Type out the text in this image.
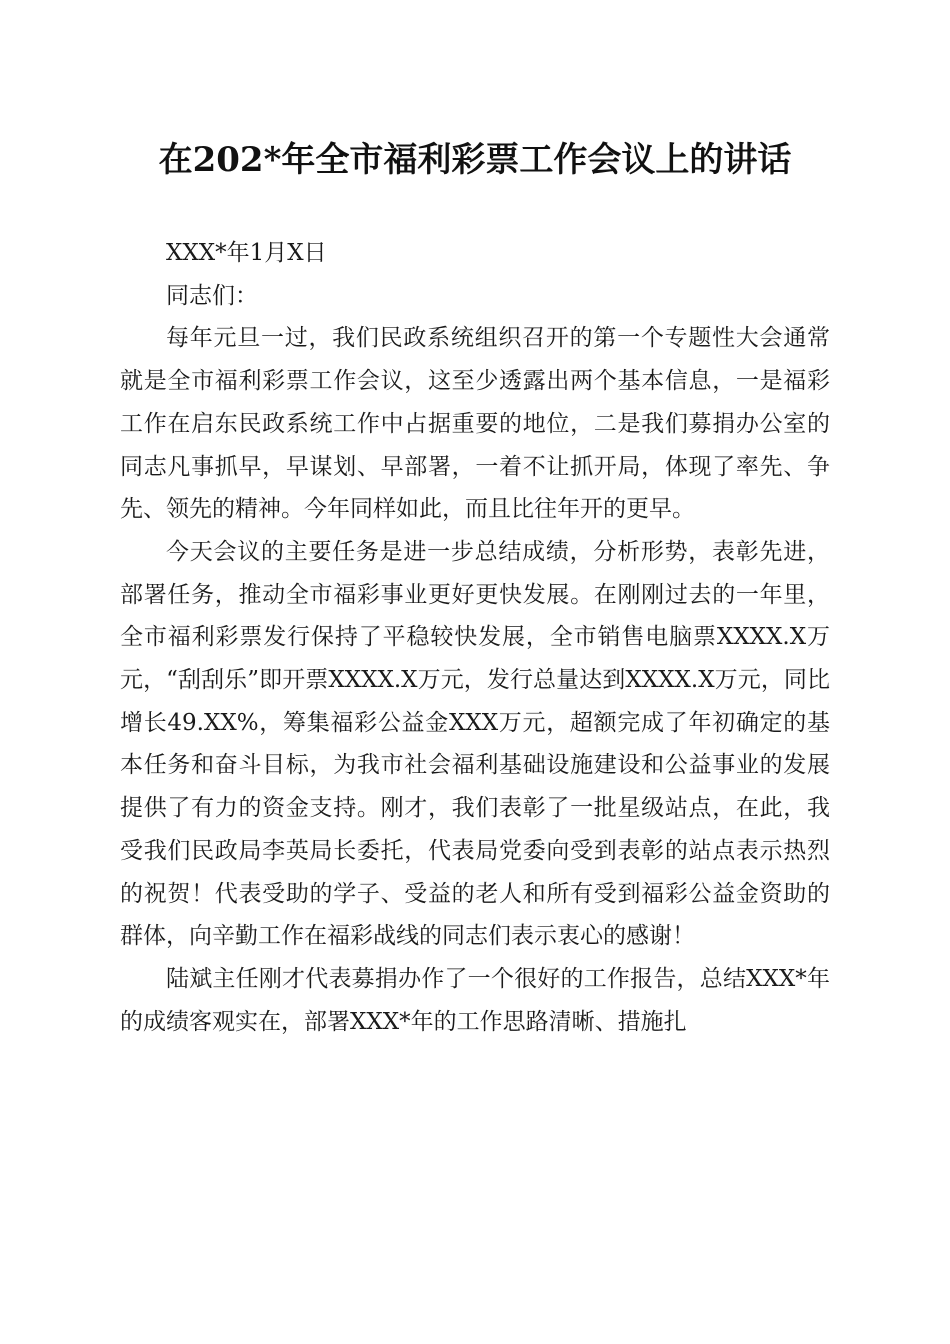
在202*年全市福利彩票工作会议上的讲话

XXX*年1月X日

同志们：

每年元旦一过，我们民政系统组织召开的第一个专题性大会通常就是全市福利彩票工作会议，这至少透露出两个基本信息，一是福彩工作在启东民政系统工作中占据重要的地位，二是我们募捐办公室的同志凡事抓早，早谋划、早部署，一着不让抓开局，体现了率先、争先、领先的精神。今年同样如此，而且比往年开的更早。

今天会议的主要任务是进一步总结成绩，分析形势，表彰先进，部署任务，推动全市福彩事业更好更快发展。在刚刚过去的一年里，全市福利彩票发行保持了平稳较快发展，全市销售电脑票XXXX.X万元，“刮刮乐”即开票XXXX.X万元，发行总量达到XXXX.X万元，同比增长49.XX%，筹集福彩公益金XXX万元，超额完成了年初确定的基本任务和奋斗目标，为我市社会福利基础设施建设和公益事业的发展提供了有力的资金支持。刚才，我们表彰了一批星级站点，在此，我受我们民政局李英局长委托，代表局党委向受到表彰的站点表示热烈的祝贺！代表受助的学子、受益的老人和所有受到福彩公益金资助的群体，向辛勤工作在福彩战线的同志们表示衷心的感谢！

陆斌主任刚才代表募捐办作了一个很好的工作报告，总结XXX*年的成绩客观实在，部署XXX*年的工作思路清晰、措施扎
